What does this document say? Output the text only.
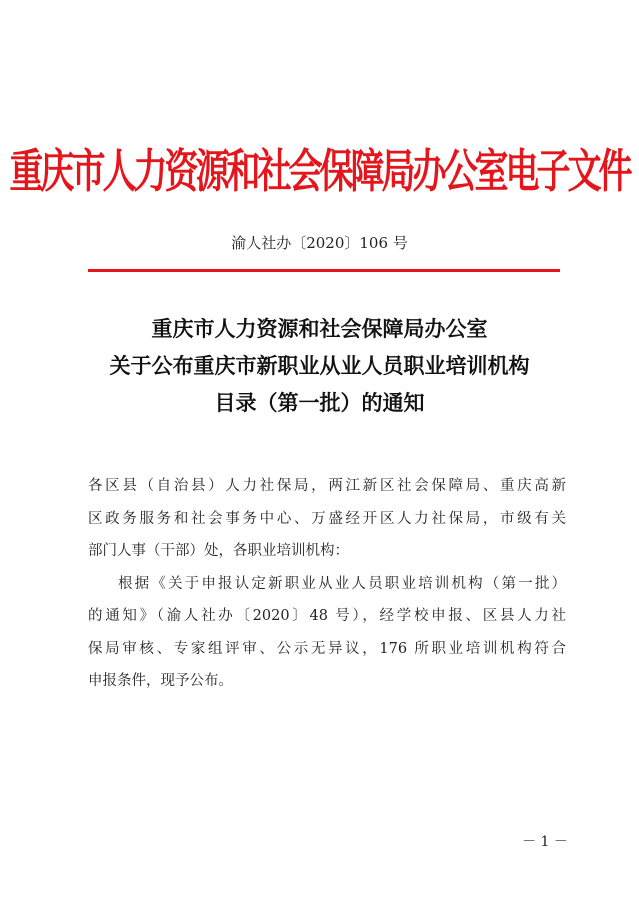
重庆市人力资源和社会保障局办公室电子文件
渝人社办〔2020〕106 号
重庆市人力资源和社会保障局办公室
关于公布重庆市新职业从业人员职业培训机构
目录（第一批）的通知
各区县（自治县）人力社保局，两江新区社会保障局、重庆高新
区政务服务和社会事务中心、万盛经开区人力社保局，市级有关
部门人事（干部）处，各职业培训机构：
根据《关于申报认定新职业从业人员职业培训机构（第一批）
的通知》（渝人社办〔2020〕48 号），经学校申报、区县人力社
保局审核、专家组评审、公示无异议，176 所职业培训机构符合
申报条件，现予公布。
－ 1 －
